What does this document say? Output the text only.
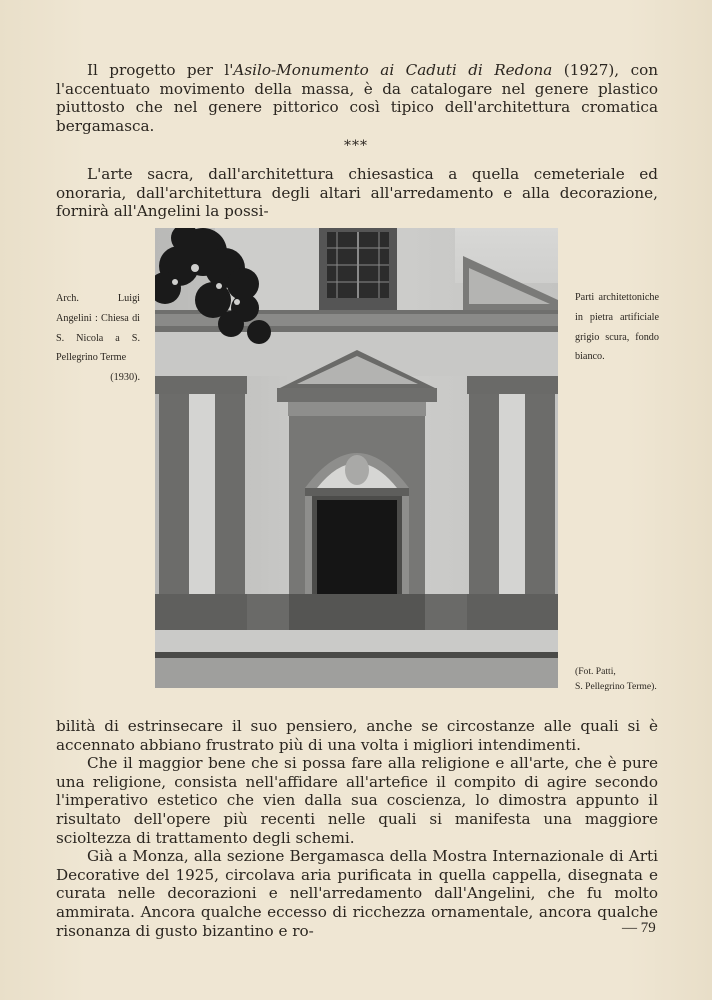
Il progetto per l'Asilo-Monumento ai Caduti di Redona (1927), con l'accentuato movimento della massa, è da catalogare nel genere plastico piuttosto che nel genere pittorico così tipico dell'architettura cromatica bergamasca.

***

L'arte sacra, dall'architettura chiesastica a quella cemeteriale ed onoraria, dall'architettura degli altari all'arredamento e alla decorazione, fornirà all'Angelini la possi-

Arch. Luigi Angelini : Chiesa di S. Nicola a S. Pellegrino Terme
(1930).
Parti architettoniche in pietra artificiale grigio scura, fondo bianco.
(Fot. Patti,
S. Pellegrino Terme).
bilità di estrinsecare il suo pensiero, anche se circostanze alle quali si è accennato abbiano frustrato più di una volta i migliori intendimenti.
Che il maggior bene che si possa fare alla religione e all'arte, che è pure una religione, consista nell'affidare all'artefice il compito di agire secondo l'imperativo estetico che vien dalla sua coscienza, lo dimostra appunto il risultato dell'opere più recenti nelle quali si manifesta una maggiore scioltezza di trattamento degli schemi.
Già a Monza, alla sezione Bergamasca della Mostra Internazionale di Arti Decorative del 1925, circolava aria purificata in quella cappella, disegnata e curata nelle decorazioni e nell'arredamento dall'Angelini, che fu molto ammirata. Ancora qualche eccesso di ricchezza ornamentale, ancora qualche risonanza di gusto bizantino e ro-	— 79
